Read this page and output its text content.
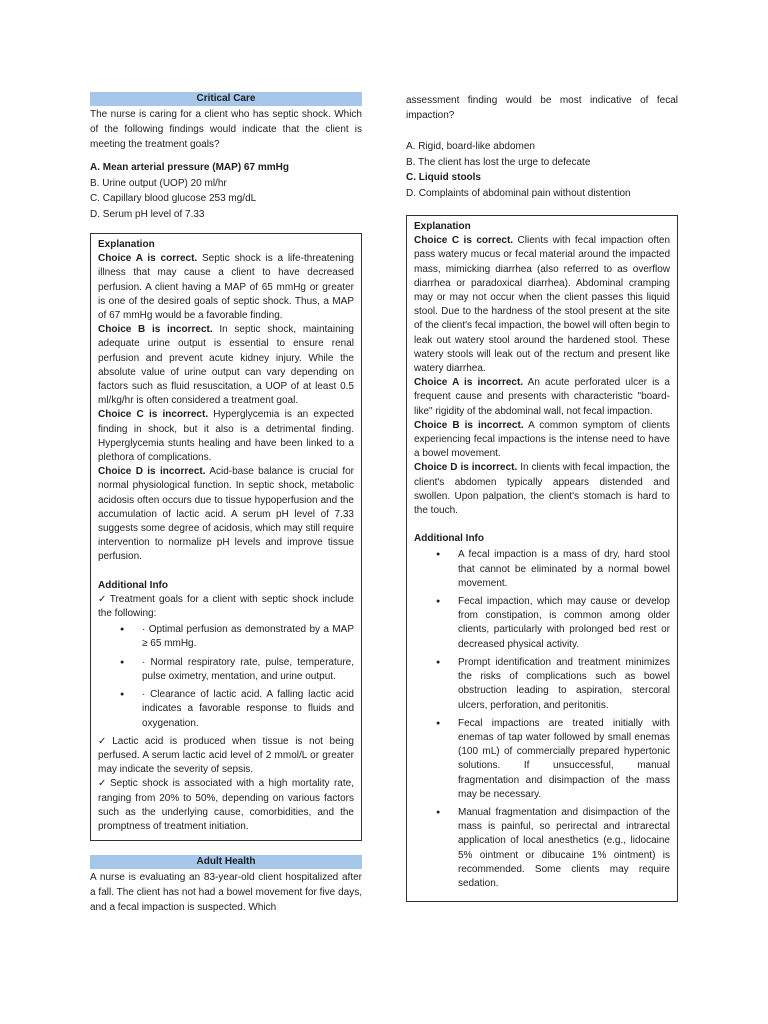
Critical Care

The nurse is caring for a client who has septic shock. Which of the following findings would indicate that the client is meeting the treatment goals?

A. Mean arterial pressure (MAP) 67 mmHg
B. Urine output (UOP) 20 ml/hr
C. Capillary blood glucose 253 mg/dL
D. Serum pH level of 7.33

Explanation

Choice A is correct. Septic shock is a life-threatening illness that may cause a client to have decreased perfusion. A client having a MAP of 65 mmHg or greater is one of the desired goals of septic shock. Thus, a MAP of 67 mmHg would be a favorable finding.

Choice B is incorrect. In septic shock, maintaining adequate urine output is essential to ensure renal perfusion and prevent acute kidney injury. While the absolute value of urine output can vary depending on factors such as fluid resuscitation, a UOP of at least 0.5 ml/kg/hr is often considered a treatment goal.

Choice C is incorrect. Hyperglycemia is an expected finding in shock, but it also is a detrimental finding. Hyperglycemia stunts healing and have been linked to a plethora of complications.

Choice D is incorrect. Acid-base balance is crucial for normal physiological function. In septic shock, metabolic acidosis often occurs due to tissue hypoperfusion and the accumulation of lactic acid. A serum pH level of 7.33 suggests some degree of acidosis, which may still require intervention to normalize pH levels and improve tissue perfusion.

Additional Info

✓ Treatment goals for a client with septic shock include the following:

● · Optimal perfusion as demonstrated by a MAP ≥ 65 mmHg.
● · Normal respiratory rate, pulse, temperature, pulse oximetry, mentation, and urine output.
● · Clearance of lactic acid. A falling lactic acid indicates a favorable response to fluids and oxygenation.

✓ Lactic acid is produced when tissue is not being perfused. A serum lactic acid level of 2 mmol/L or greater may indicate the severity of sepsis.

✓ Septic shock is associated with a high mortality rate, ranging from 20% to 50%, depending on various factors such as the underlying cause, comorbidities, and the promptness of treatment initiation.

Adult Health

A nurse is evaluating an 83-year-old client hospitalized after a fall. The client has not had a bowel movement for five days, and a fecal impaction is suspected. Which

assessment finding would be most indicative of fecal impaction?

A. Rigid, board-like abdomen
B. The client has lost the urge to defecate
C. Liquid stools
D. Complaints of abdominal pain without distention

Explanation

Choice C is correct. Clients with fecal impaction often pass watery mucus or fecal material around the impacted mass, mimicking diarrhea (also referred to as overflow diarrhea or paradoxical diarrhea). Abdominal cramping may or may not occur when the client passes this liquid stool. Due to the hardness of the stool present at the site of the client's fecal impaction, the bowel will often begin to leak out watery stool around the hardened stool. These watery stools will leak out of the rectum and present like watery diarrhea.

Choice A is incorrect. An acute perforated ulcer is a frequent cause and presents with characteristic "board-like" rigidity of the abdominal wall, not fecal impaction.

Choice B is incorrect. A common symptom of clients experiencing fecal impactions is the intense need to have a bowel movement.

Choice D is incorrect. In clients with fecal impaction, the client's abdomen typically appears distended and swollen. Upon palpation, the client's stomach is hard to the touch.

Additional Info

● A fecal impaction is a mass of dry, hard stool that cannot be eliminated by a normal bowel movement.
● Fecal impaction, which may cause or develop from constipation, is common among older clients, particularly with prolonged bed rest or decreased physical activity.
● Prompt identification and treatment minimizes the risks of complications such as bowel obstruction leading to aspiration, stercoral ulcers, perforation, and peritonitis.
● Fecal impactions are treated initially with enemas of tap water followed by small enemas (100 mL) of commercially prepared hypertonic solutions. If unsuccessful, manual fragmentation and disimpaction of the mass may be necessary.
● Manual fragmentation and disimpaction of the mass is painful, so perirectal and intrarectal application of local anesthetics (e.g., lidocaine 5% ointment or dibucaine 1% ointment) is recommended. Some clients may require sedation.
